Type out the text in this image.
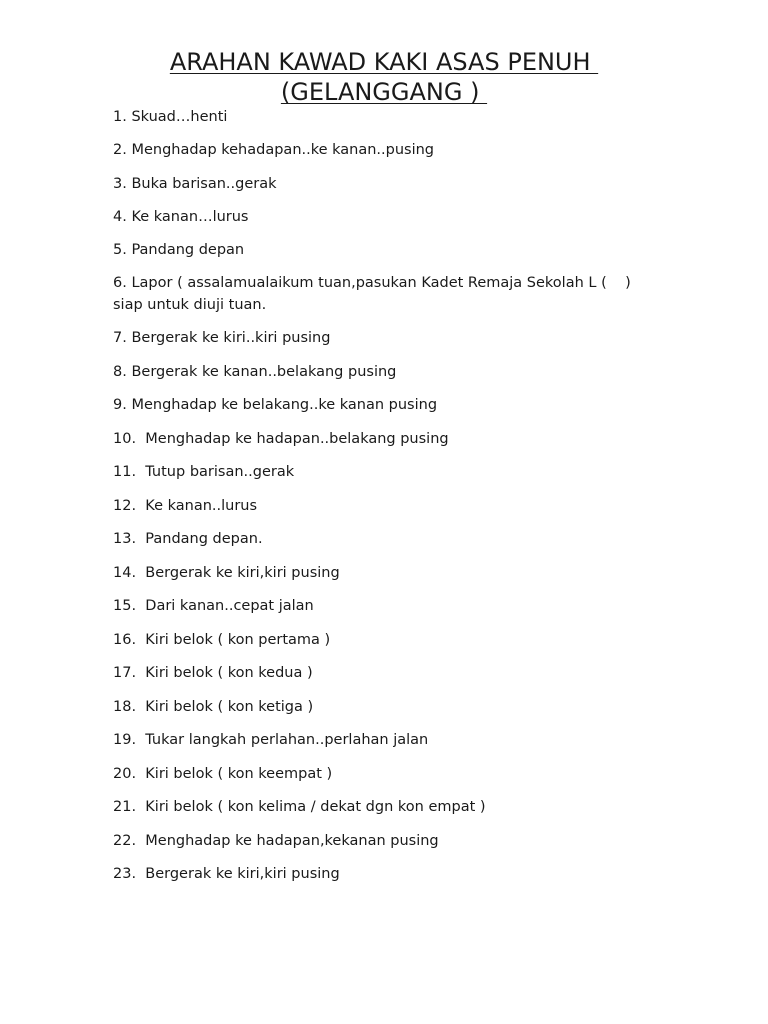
ARAHAN KAWAD KAKI ASAS PENUH
(GELANGGANG )
1. Skuad…henti
2. Menghadap kehadapan..ke kanan..pusing
3. Buka barisan..gerak
4. Ke kanan…lurus
5. Pandang depan
6. Lapor ( assalamualaikum tuan,pasukan Kadet Remaja Sekolah L (    )
siap untuk diuji tuan.
7. Bergerak ke kiri..kiri pusing
8. Bergerak ke kanan..belakang pusing
9. Menghadap ke belakang..ke kanan pusing
10. Menghadap ke hadapan..belakang pusing
11. Tutup barisan..gerak
12. Ke kanan..lurus
13. Pandang depan.
14. Bergerak ke kiri,kiri pusing
15. Dari kanan..cepat jalan
16. Kiri belok ( kon pertama )
17. Kiri belok ( kon kedua )
18. Kiri belok ( kon ketiga )
19. Tukar langkah perlahan..perlahan jalan
20. Kiri belok ( kon keempat )
21. Kiri belok ( kon kelima / dekat dgn kon empat )
22. Menghadap ke hadapan,kekanan pusing
23. Bergerak ke kiri,kiri pusing
